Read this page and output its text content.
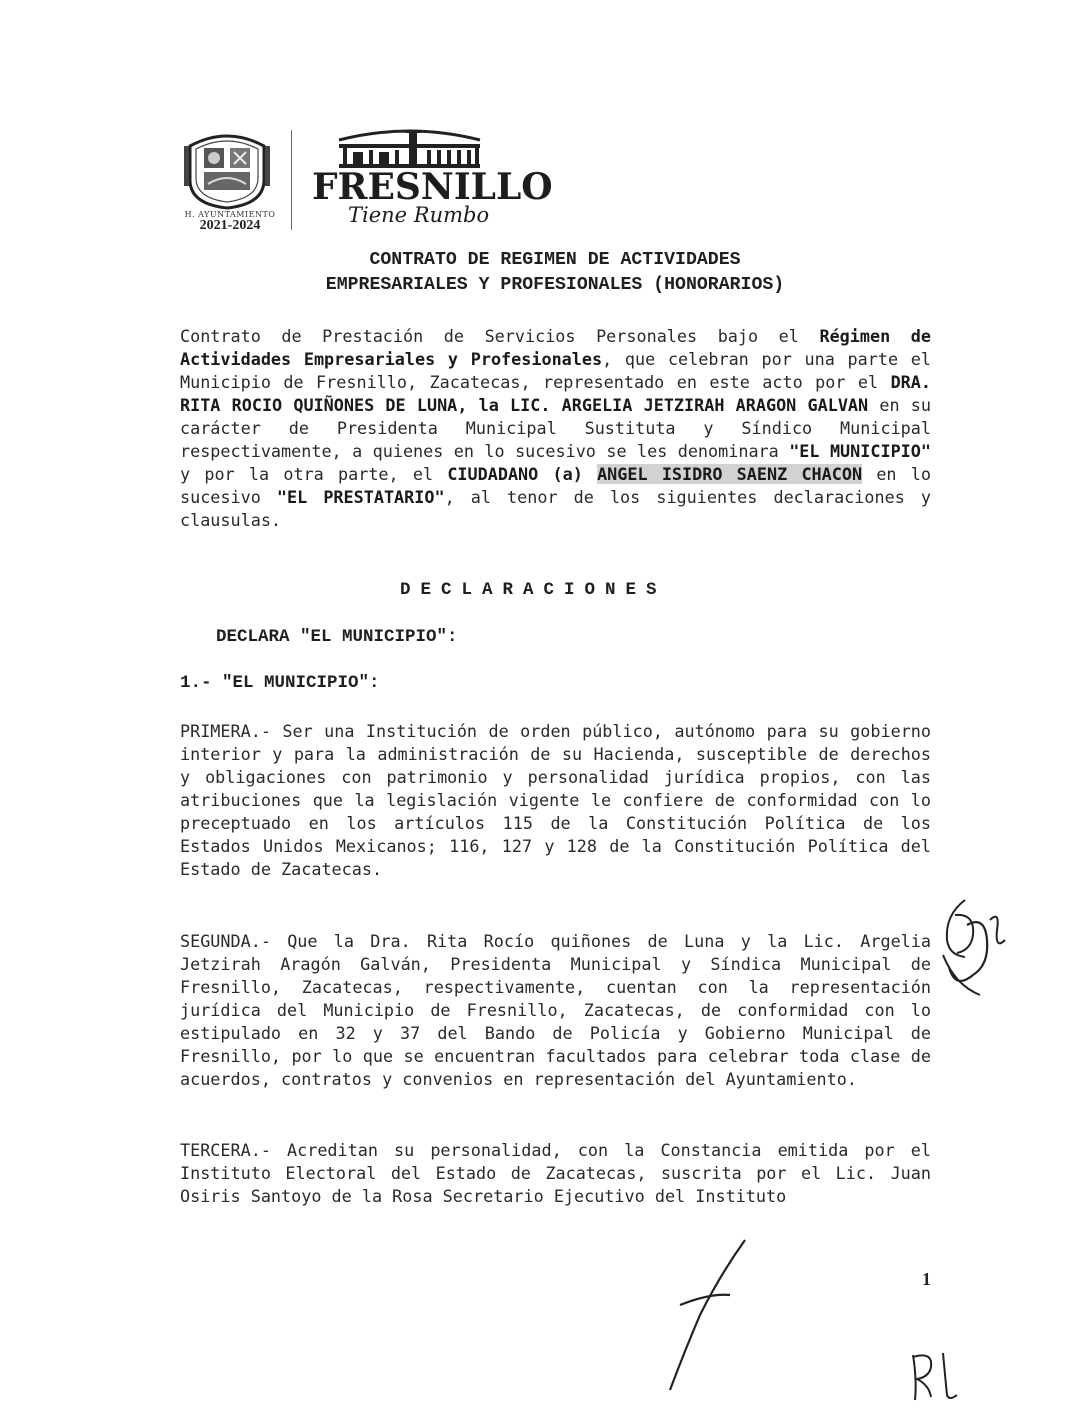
H. AYUNTAMIENTO
2021-2024
FRESNILLO
Tiene Rumbo
CONTRATO DE REGIMEN DE ACTIVIDADES
EMPRESARIALES Y PROFESIONALES (HONORARIOS)
Contrato de Prestación de Servicios Personales bajo el Régimen de Actividades Empresariales y Profesionales, que celebran por una parte el Municipio de Fresnillo, Zacatecas, representado en este acto por el DRA. RITA ROCIO QUIÑONES DE LUNA, la LIC. ARGELIA JETZIRAH ARAGON GALVAN en su carácter de Presidenta Municipal Sustituta y Síndico Municipal respectivamente, a quienes en lo sucesivo se les denominara "EL MUNICIPIO" y por la otra parte, el CIUDADANO (a) ANGEL ISIDRO SAENZ CHACON en lo sucesivo "EL PRESTATARIO", al tenor de los siguientes declaraciones y clausulas.
DECLARACIONES
DECLARA "EL MUNICIPIO":
1.- "EL MUNICIPIO":
PRIMERA.- Ser una Institución de orden público, autónomo para su gobierno interior y para la administración de su Hacienda, susceptible de derechos y obligaciones con patrimonio y personalidad jurídica propios, con las atribuciones que la legislación vigente le confiere de conformidad con lo preceptuado en los artículos 115 de la Constitución Política de los Estados Unidos Mexicanos; 116, 127 y 128 de la Constitución Política del Estado de Zacatecas.
SEGUNDA.- Que la Dra. Rita Rocío quiñones de Luna y la Lic. Argelia Jetzirah Aragón Galván, Presidenta Municipal y Síndica Municipal de Fresnillo, Zacatecas, respectivamente, cuentan con la representación jurídica del Municipio de Fresnillo, Zacatecas, de conformidad con lo estipulado en 32 y 37 del Bando de Policía y Gobierno Municipal de Fresnillo, por lo que se encuentran facultados para celebrar toda clase de acuerdos, contratos y convenios en representación del Ayuntamiento.
TERCERA.- Acreditan su personalidad, con la Constancia emitida por el Instituto Electoral del Estado de Zacatecas, suscrita por el Lic. Juan Osiris Santoyo de la Rosa Secretario Ejecutivo del Instituto
1
